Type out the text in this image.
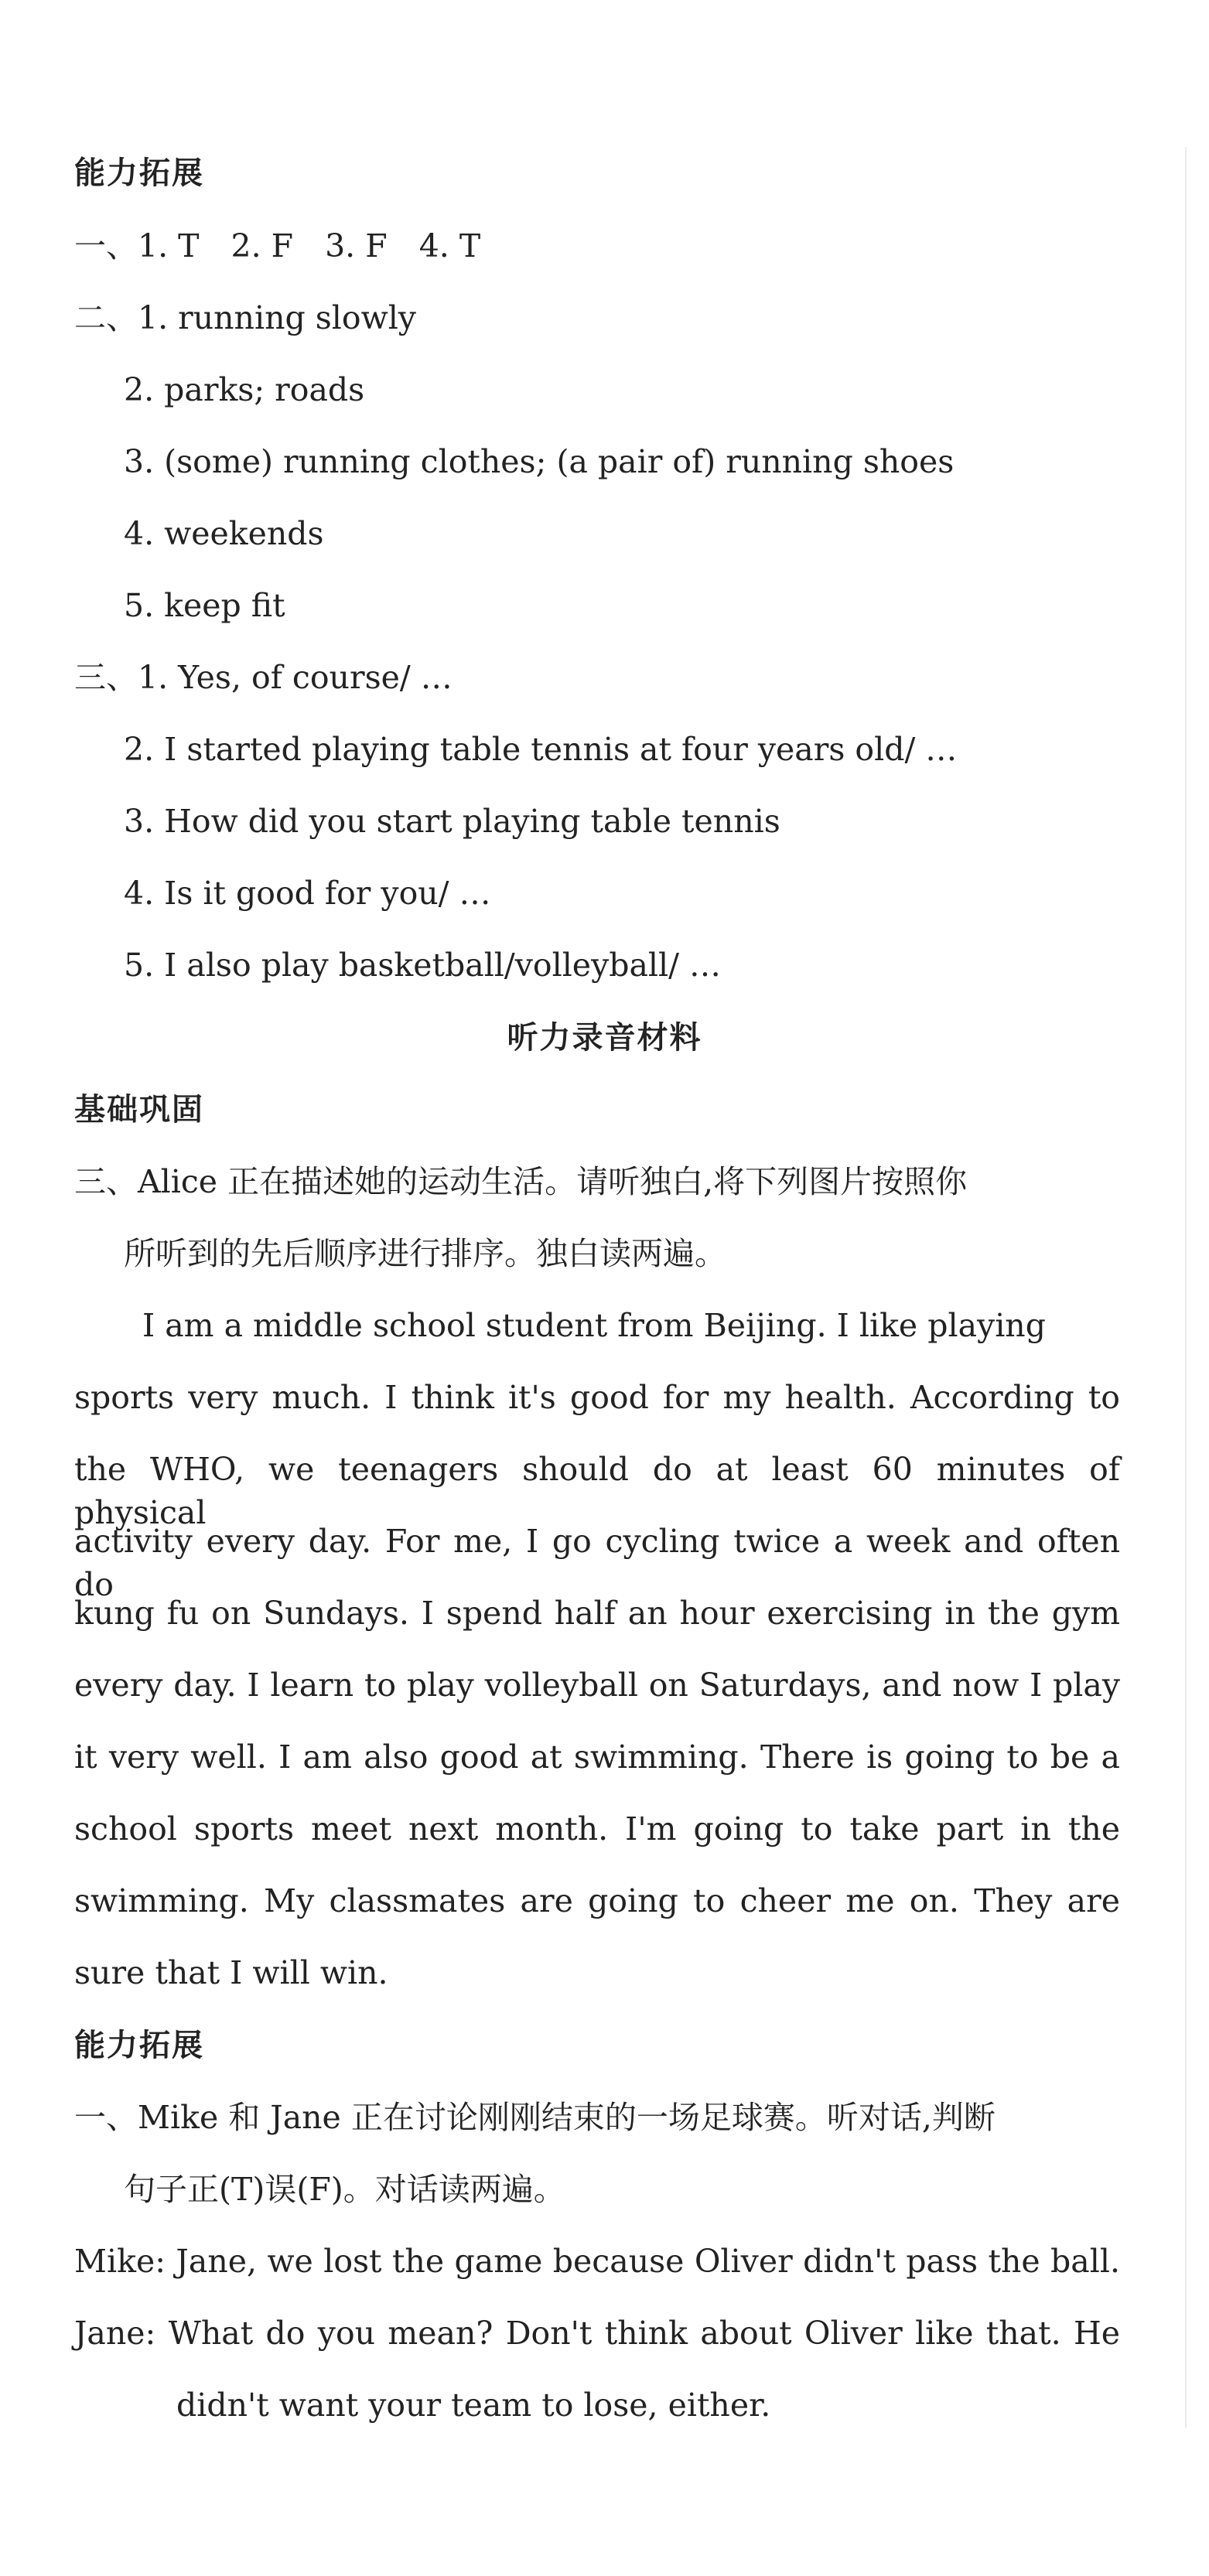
能力拓展
一、1. T　2. F　3. F　4. T
二、1. running slowly
2. parks; roads
3. (some) running clothes; (a pair of) running shoes
4. weekends
5. keep fit
三、1. Yes, of course/ …
2. I started playing table tennis at four years old/ …
3. How did you start playing table tennis
4. Is it good for you/ …
5. I also play basketball/volleyball/ …
听力录音材料
基础巩固
三、Alice 正在描述她的运动生活。请听独白,将下列图片按照你
所听到的先后顺序进行排序。独白读两遍。
I am a middle school student from Beijing. I like playing
sports very much. I think it's good for my health. According to
the WHO, we teenagers should do at least 60 minutes of physical
activity every day. For me, I go cycling twice a week and often do
kung fu on Sundays. I spend half an hour exercising in the gym
every day. I learn to play volleyball on Saturdays, and now I play
it very well. I am also good at swimming. There is going to be a
school sports meet next month. I'm going to take part in the
swimming. My classmates are going to cheer me on. They are
sure that I will win.
能力拓展
一、Mike 和 Jane 正在讨论刚刚结束的一场足球赛。听对话,判断
句子正(T)误(F)。对话读两遍。
Mike: Jane, we lost the game because Oliver didn't pass the ball.
Jane: What do you mean? Don't think about Oliver like that. He
didn't want your team to lose, either.
